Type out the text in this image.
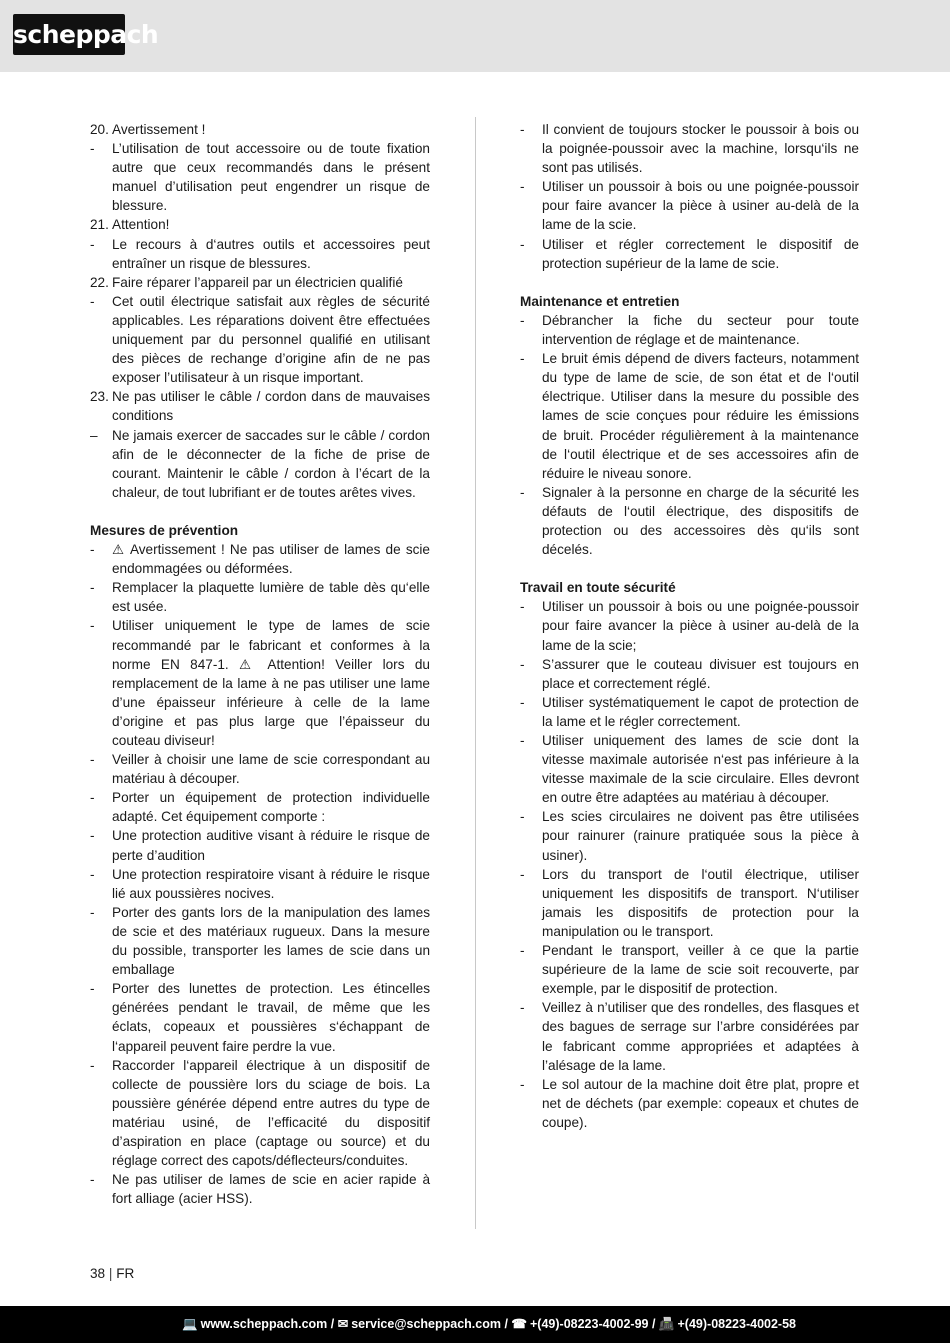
scheppach
20. Avertissement !
-	L’utilisation de tout accessoire ou de toute fixation autre que ceux recommandés dans le présent manuel d’utilisation peut engendrer un risque de blessure.
21. Attention!
-	Le recours à d‘autres outils et accessoires peut entraîner un risque de blessures.
22. Faire réparer l’appareil par un électricien qualifié
-	Cet outil électrique satisfait aux règles de sécurité applicables. Les réparations doivent être effectuées uniquement par du personnel qualifié en utilisant des pièces de rechange d’origine afin de ne pas exposer l’utilisateur à un risque important.
23. Ne pas utiliser le câble / cordon dans de mauvaises conditions
–	Ne jamais exercer de saccades sur le câble / cordon afin de le déconnecter de la fiche de prise de courant. Maintenir le câble / cordon à l’écart de la chaleur, de tout lubrifiant er de toutes arêtes vives.
Mesures de prévention
-	⚠ Avertissement ! Ne pas utiliser de lames de scie endommagées ou déformées.
-	Remplacer la plaquette lumière de table dès qu‘elle est usée.
-	Utiliser uniquement le type de lames de scie recommandé par le fabricant et conformes à la norme EN 847-1. ⚠ Attention! Veiller lors du remplacement de la lame à ne pas utiliser une lame d’une épaisseur inférieure à celle de la lame d’origine et pas plus large que l’épaisseur du couteau diviseur!
-	Veiller à choisir une lame de scie correspondant au matériau à découper.
-	Porter un équipement de protection individuelle adapté. Cet équipement comporte :
-	Une protection auditive visant à réduire le risque de perte d’audition
-	Une protection respiratoire visant à réduire le risque lié aux poussières nocives.
-	Porter des gants lors de la manipulation des lames de scie et des matériaux rugueux. Dans la mesure du possible, transporter les lames de scie dans un emballage
-	Porter des lunettes de protection. Les étincelles générées pendant le travail, de même que les éclats, copeaux et poussières s‘échappant de l‘appareil peuvent faire perdre la vue.
-	Raccorder l‘appareil électrique à un dispositif de collecte de poussière lors du sciage de bois. La poussière générée dépend entre autres du type de matériau usiné, de l’efficacité du dispositif d’aspiration en place (captage ou source) et du réglage correct des capots/déflecteurs/conduites.
-	Ne pas utiliser de lames de scie en acier rapide à fort alliage (acier HSS).
-	Il convient de toujours stocker le poussoir à bois ou la poignée-poussoir avec la machine, lorsqu‘ils ne sont pas utilisés.
-	Utiliser un poussoir à bois ou une poignée-poussoir pour faire avancer la pièce à usiner au-delà de la lame de la scie.
-	Utiliser et régler correctement le dispositif de protection supérieur de la lame de scie.
Maintenance et entretien
-	Débrancher la fiche du secteur pour toute intervention de réglage et de maintenance.
-	Le bruit émis dépend de divers facteurs, notamment du type de lame de scie, de son état et de l‘outil électrique. Utiliser dans la mesure du possible des lames de scie conçues pour réduire les émissions de bruit. Procéder régulièrement à la maintenance de l‘outil électrique et de ses accessoires afin de réduire le niveau sonore.
-	Signaler à la personne en charge de la sécurité les défauts de l‘outil électrique, des dispositifs de protection ou des accessoires dès qu‘ils sont décelés.
Travail en toute sécurité
-	Utiliser un poussoir à bois ou une poignée-poussoir pour faire avancer la pièce à usiner au-delà de la lame de la scie;
-	S’assurer que le couteau divisuer est toujours en place et correctement réglé.
-	Utiliser systématiquement le capot de protection de la lame et le régler correctement.
-	Utiliser uniquement des lames de scie dont la vitesse maximale autorisée n‘est pas inférieure à la vitesse maximale de la scie circulaire. Elles devront en outre être adaptées au matériau à découper.
-	Les scies circulaires ne doivent pas être utilisées pour rainurer (rainure pratiquée sous la pièce à usiner).
-	Lors du transport de l‘outil électrique, utiliser uniquement les dispositifs de transport. N‘utiliser jamais les dispositifs de protection pour la manipulation ou le transport.
-	Pendant le transport, veiller à ce que la partie supérieure de la lame de scie soit recouverte, par exemple, par le dispositif de protection.
-	Veillez à n’utiliser que des rondelles, des flasques et des bagues de serrage sur l’arbre considérées par le fabricant comme appropriées et adaptées à l’alésage de la lame.
-	Le sol autour de la machine doit être plat, propre et net de déchets (par exemple: copeaux et chutes de coupe).
38 | FR
💻 www.scheppach.com / ✉ service@scheppach.com / ☎ +(49)-08223-4002-99 / 📠 +(49)-08223-4002-58
